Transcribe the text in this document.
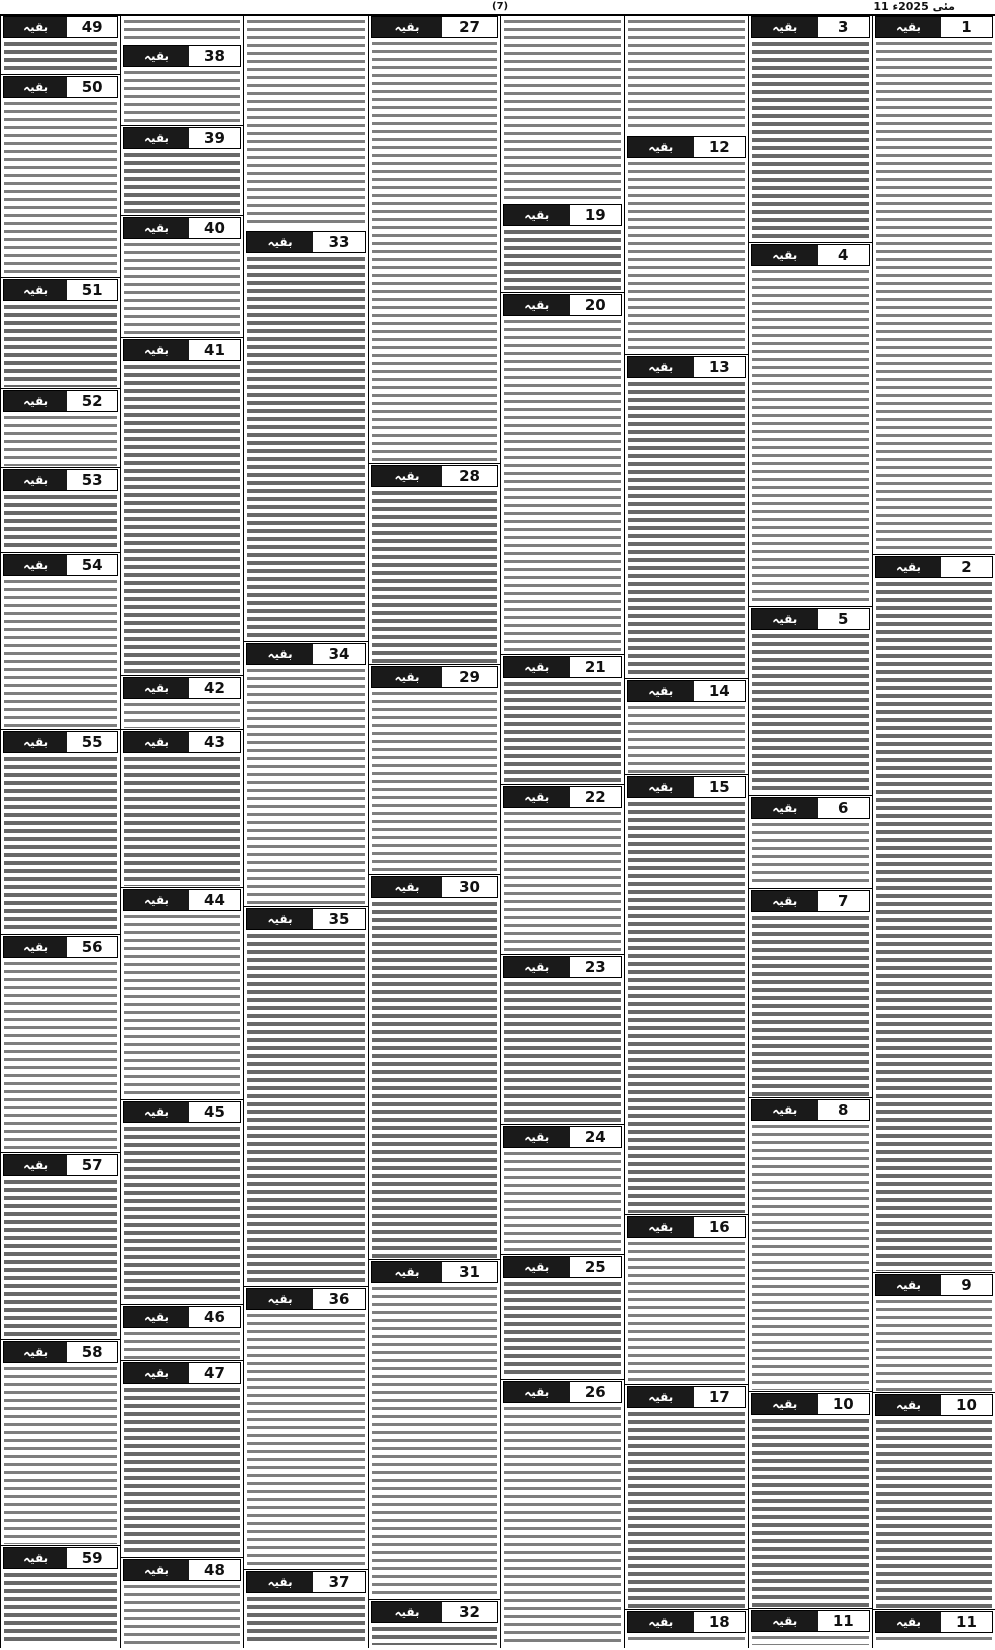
(7)	11 مئی 2025ء
بقیہ	1
بقیہ	2
بقیہ	9
بقیہ	10
بقیہ	11
بقیہ	3
بقیہ	4
بقیہ	5
بقیہ	6
بقیہ	7
بقیہ	8
بقیہ	10
بقیہ	11
بقیہ	12
بقیہ	13
بقیہ	14
بقیہ	15
بقیہ	16
بقیہ	17
بقیہ	18
بقیہ	19
بقیہ	20
بقیہ	21
بقیہ	22
بقیہ	23
بقیہ	24
بقیہ	25
بقیہ	26
بقیہ	27
بقیہ	28
بقیہ	29
بقیہ	30
بقیہ	31
بقیہ	32
بقیہ	33
بقیہ	34
بقیہ	35
بقیہ	36
بقیہ	37
بقیہ	38
بقیہ	39
بقیہ	40
بقیہ	41
بقیہ	42
بقیہ	43
بقیہ	44
بقیہ	45
بقیہ	46
بقیہ	47
بقیہ	48
بقیہ	49
بقیہ	50
بقیہ	51
بقیہ	52
بقیہ	53
بقیہ	54
بقیہ	55
بقیہ	56
بقیہ	57
بقیہ	58
بقیہ	59
